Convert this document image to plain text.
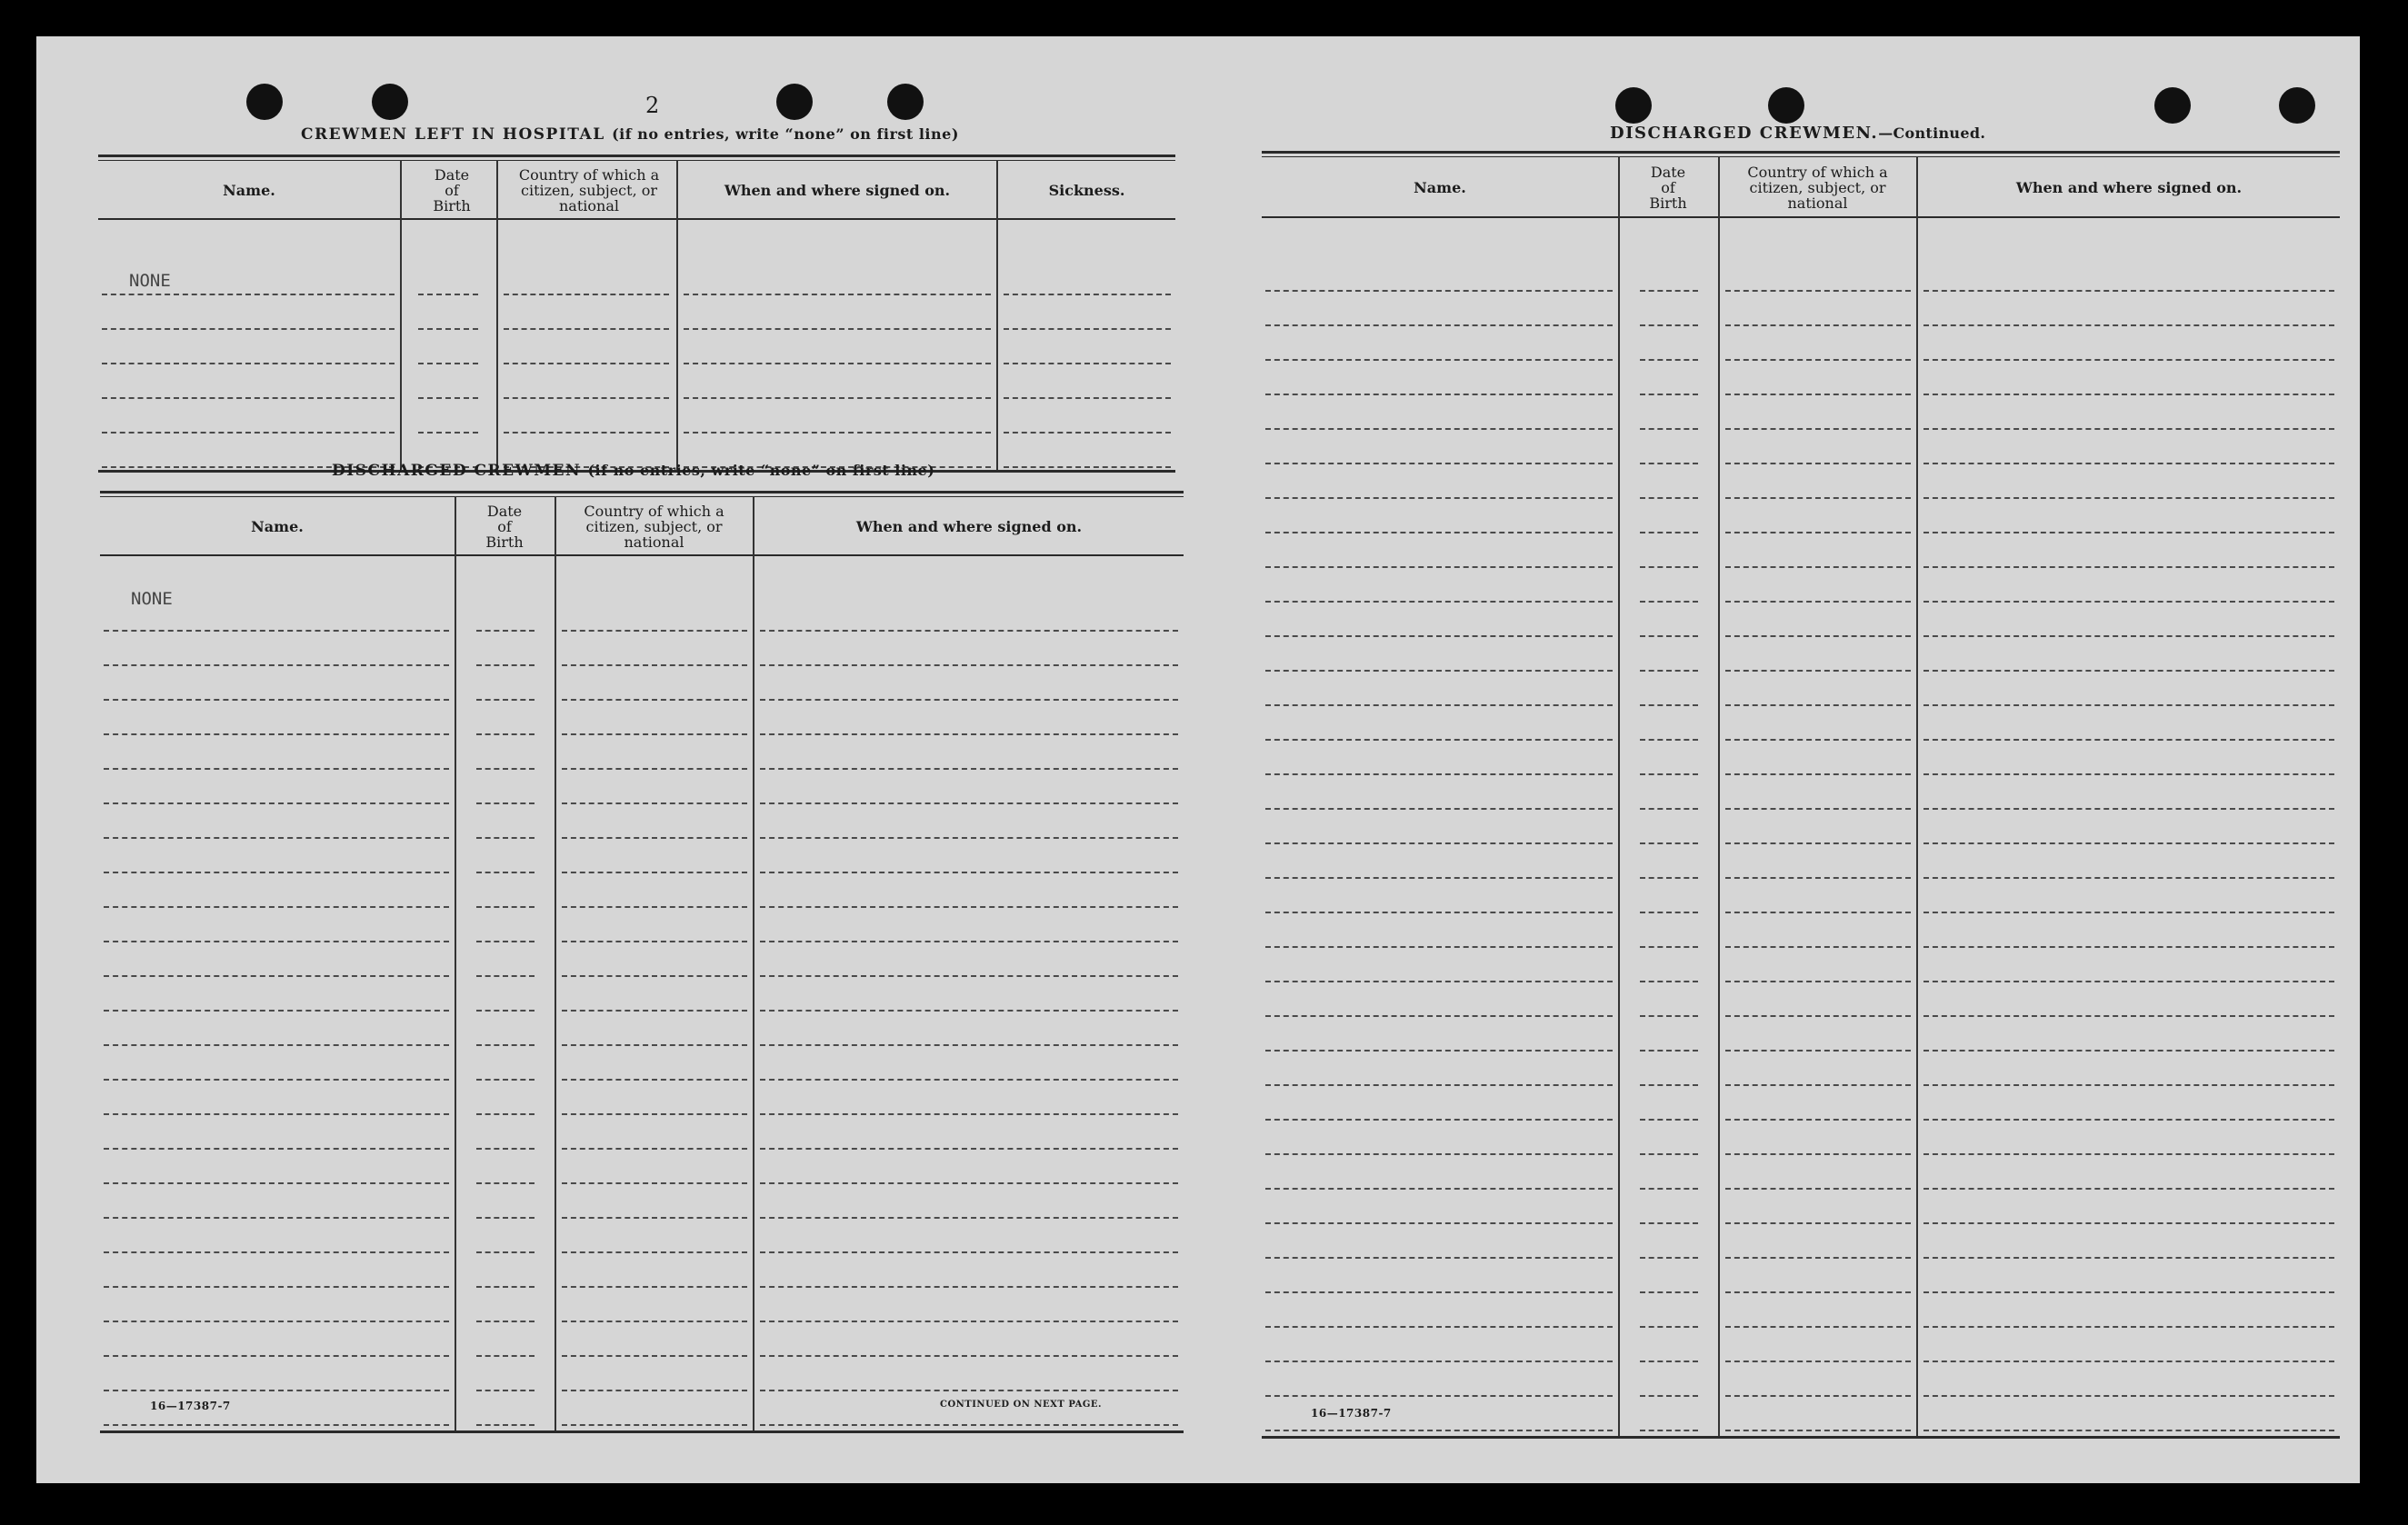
2
CREWMEN LEFT IN HOSPITAL (if no entries, write “none” on first line)
Name.
Date of Birth
Country of which a citizen, subject, or national
When and where signed on.	Sickness.
NONE
DISCHARGED CREWMEN (if no entries, write “none” on first line)
Name.
Date of Birth
Country of which a citizen, subject, or national
When and where signed on.
NONE
16—17387-7	CONTINUED ON NEXT PAGE.
DISCHARGED CREWMEN.—Continued.
Name.
Date of Birth
Country of which a citizen, subject, or national
When and where signed on.
16—17387-7
